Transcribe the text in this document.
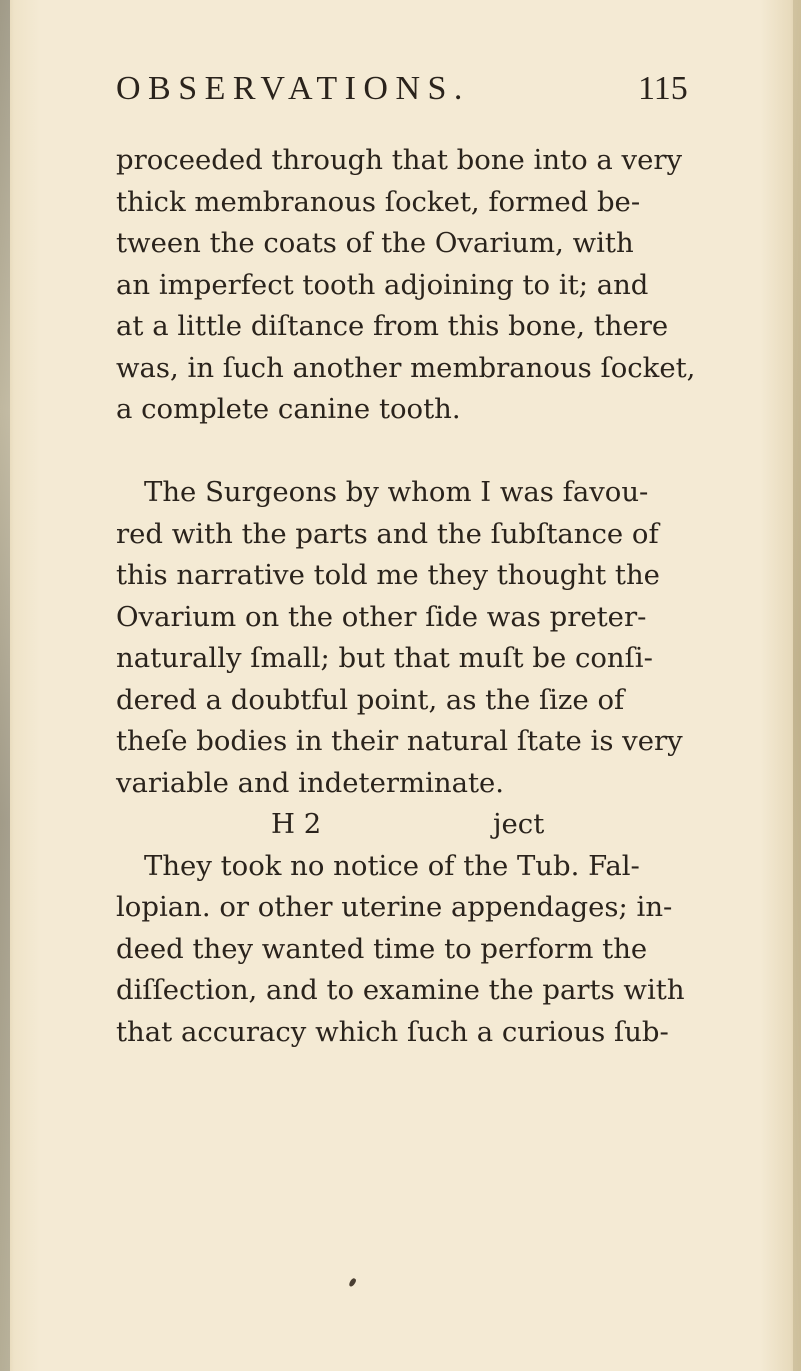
OBSERVATIONS.	115

proceeded through that bone into a very
thick membranous ſocket, formed be-
tween the coats of the Ovarium, with
an imperfect tooth adjoining to it; and
at a little diſtance from this bone, there
was, in ſuch another membranous ſocket,
a complete canine tooth.

The Surgeons by whom I was favou-
red with the parts and the ſubſtance of
this narrative told me they thought the
Ovarium on the other ſide was preter-
naturally ſmall; but that muſt be conſi-
dered a doubtful point, as the ſize of
theſe bodies in their natural ſtate is very
variable and indeterminate.

They took no notice of the Tub. Fal-
lopian. or other uterine appendages; in-
deed they wanted time to perform the
diſſection, and to examine the parts with
that accuracy which ſuch a curious ſub-

H 2	ject
